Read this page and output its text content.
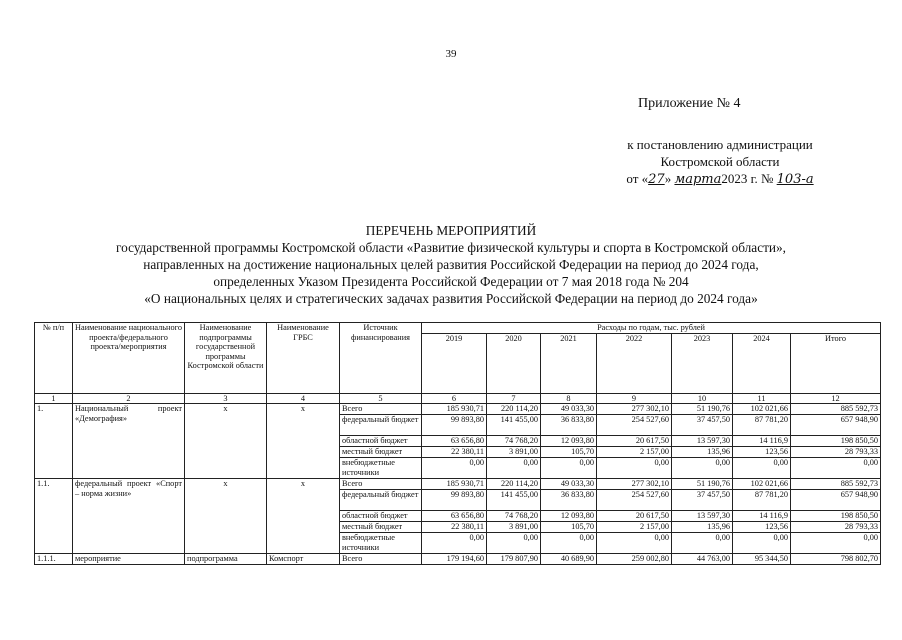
39
Приложение № 4
к постановлению администрации
Костромской области
от «27» марта2023 г. № 103-а
ПЕРЕЧЕНЬ МЕРОПРИЯТИЙ
государственной программы Костромской области «Развитие физической культуры и спорта в Костромской области»,
направленных на достижение национальных целей развития Российской Федерации на период до 2024 года,
определенных Указом Президента Российской Федерации от 7 мая 2018 года № 204
«О национальных целях и стратегических задачах развития Российской Федерации на период до 2024 года»
№ п/п	Наименование национального проекта/федерального проекта/мероприятия	Наименование подпрограммы государственной программы Костромской области	Наименование ГРБС	Источник финансирования	Расходы по годам, тыс. рублей						
					2019	2020	2021	2022	2023	2024	Итого
1	2	3	4	5	6	7	8	9	10	11	12
1.	Национальный проект «Демография»	х	х	Всего	185 930,71	220 114,20	49 033,30	277 302,10	51 190,76	102 021,66	885 592,73
				федеральный бюджет	99 893,80	141 455,00	36 833,80	254 527,60	37 457,50	87 781,20	657 948,90
				областной бюджет	63 656,80	74 768,20	12 093,80	20 617,50	13 597,30	14 116,9	198 850,50
				местный бюджет	22 380,11	3 891,00	105,70	2 157,00	135,96	123,56	28 793,33
				внебюджетные источники	0,00	0,00	0,00	0,00	0,00	0,00	0,00
1.1.	федеральный проект «Спорт – норма жизни»	х	х	Всего	185 930,71	220 114,20	49 033,30	277 302,10	51 190,76	102 021,66	885 592,73
				федеральный бюджет	99 893,80	141 455,00	36 833,80	254 527,60	37 457,50	87 781,20	657 948,90
				областной бюджет	63 656,80	74 768,20	12 093,80	20 617,50	13 597,30	14 116,9	198 850,50
				местный бюджет	22 380,11	3 891,00	105,70	2 157,00	135,96	123,56	28 793,33
				внебюджетные источники	0,00	0,00	0,00	0,00	0,00	0,00	0,00
1.1.1.	мероприятие	подпрограмма	Комспорт	Всего	179 194,60	179 807,90	40 689,90	259 002,80	44 763,00	95 344,50	798 802,70
